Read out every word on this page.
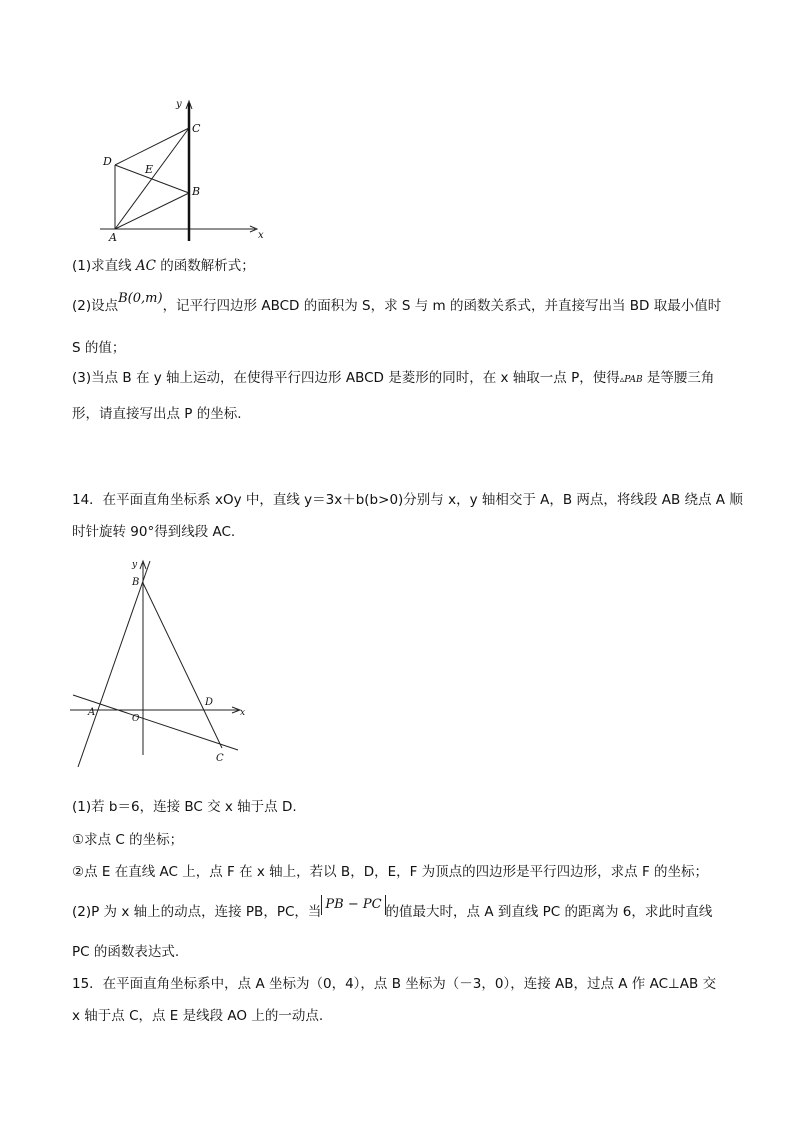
y
x
C
D
E
B
A
(1)求直线 AC 的函数解析式；
(2)设点B(0,m)，记平行四边形 ABCD 的面积为 S，求 S 与 m 的函数关系式，并直接写出当 BD 取最小值时
S 的值；
(3)当点 B 在 y 轴上运动，在使得平行四边形 ABCD 是菱形的同时，在 x 轴取一点 P，使得▵PAB 是等腰三角
形，请直接写出点 P 的坐标.
14．在平面直角坐标系 xOy 中，直线 y＝3x＋b(b>0)分别与 x，y 轴相交于 A，B 两点，将线段 AB 绕点 A 顺
时针旋转 90°得到线段 AC.
y
B
D
A
O
x
C
(1)若 b＝6，连接 BC 交 x 轴于点 D.
①求点 C 的坐标；
②点 E 在直线 AC 上，点 F 在 x 轴上，若以 B，D，E，F 为顶点的四边形是平行四边形，求点 F 的坐标；
(2)P 为 x 轴上的动点，连接 PB，PC，当 PB − PC 的值最大时，点 A 到直线 PC 的距离为 6，求此时直线
PC 的函数表达式.
15．在平面直角坐标系中，点 A 坐标为（0，4），点 B 坐标为（－3，0），连接 AB，过点 A 作 AC⊥AB 交
x 轴于点 C，点 E 是线段 AO 上的一动点.
